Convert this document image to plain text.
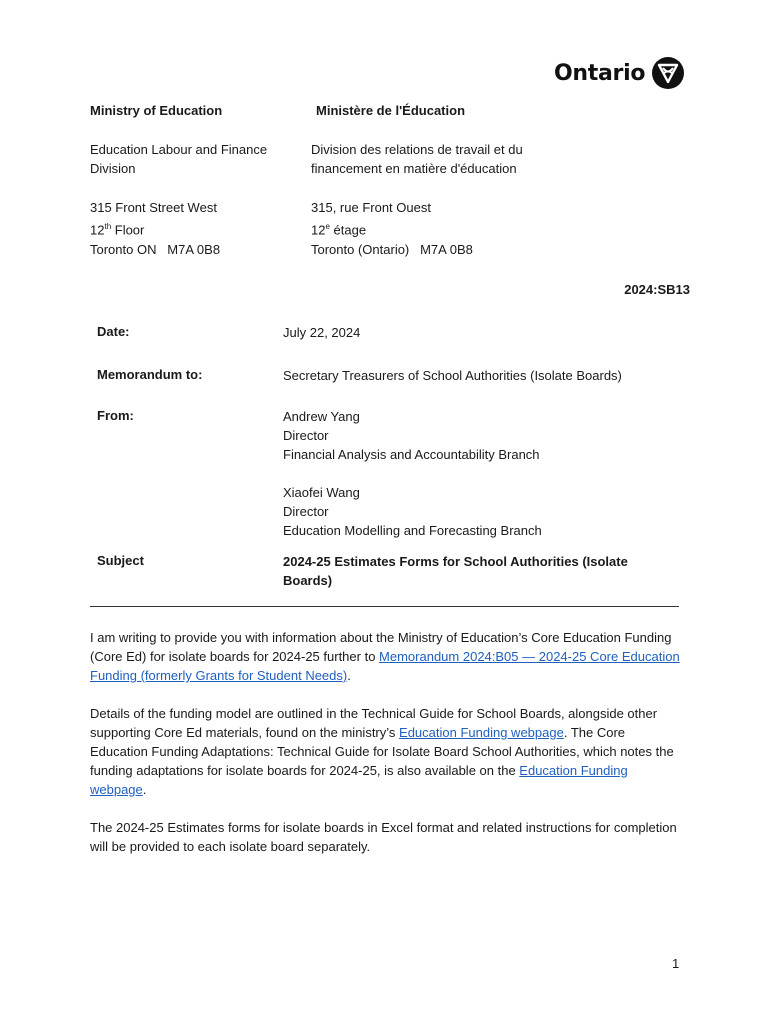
Ontario
Ministry of Education
Education Labour and Finance
Division
315 Front Street West
12th Floor
Toronto ON   M7A 0B8
Ministère de l'Éducation
Division des relations de travail et du
financement en matière d'éducation
315, rue Front Ouest
12e étage
Toronto (Ontario)   M7A 0B8
2024:SB13
Date:	July 22, 2024
Memorandum to:	Secretary Treasurers of School Authorities (Isolate Boards)
From:	Andrew Yang
Director
Financial Analysis and Accountability Branch
Xiaofei Wang
Director
Education Modelling and Forecasting Branch
Subject	2024-25 Estimates Forms for School Authorities (Isolate
Boards)
I am writing to provide you with information about the Ministry of Education’s Core Education Funding (Core Ed) for isolate boards for 2024-25 further to Memorandum 2024:B05 — 2024-25 Core Education Funding (formerly Grants for Student Needs).
Details of the funding model are outlined in the Technical Guide for School Boards, alongside other supporting Core Ed materials, found on the ministry’s Education Funding webpage. The Core Education Funding Adaptations: Technical Guide for Isolate Board School Authorities, which notes the funding adaptations for isolate boards for 2024-25, is also available on the Education Funding webpage.
The 2024-25 Estimates forms for isolate boards in Excel format and related instructions for completion will be provided to each isolate board separately.
1
